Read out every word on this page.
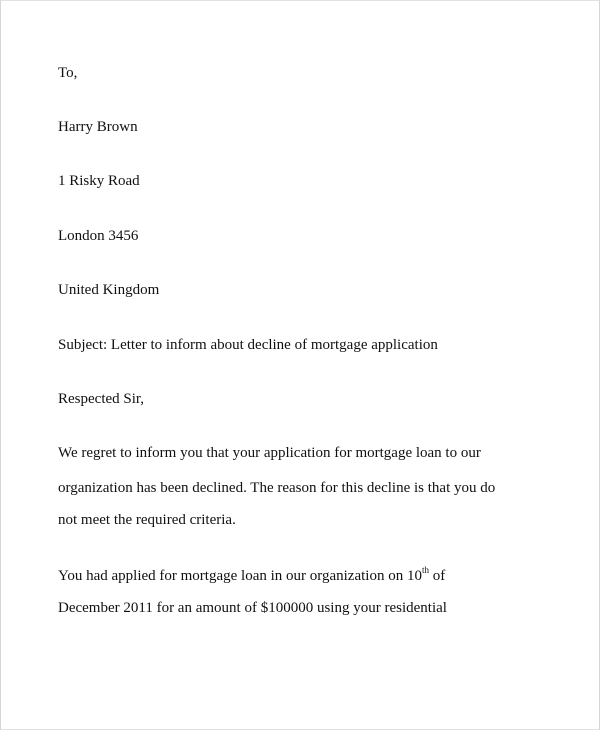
To,
Harry Brown
1 Risky Road
London 3456
United Kingdom
Subject: Letter to inform about decline of mortgage application
Respected Sir,
We regret to inform you that your application for mortgage loan to our
organization has been declined. The reason for this decline is that you do
not meet the required criteria.
You had applied for mortgage loan in our organization on 10th of
December 2011 for an amount of $100000 using your residential
